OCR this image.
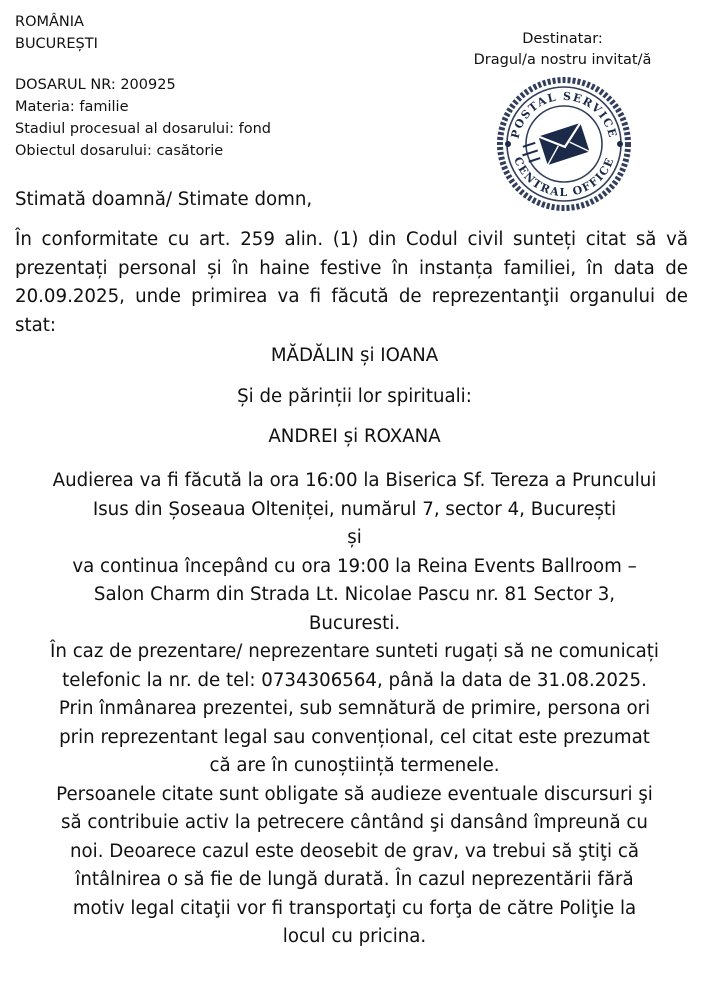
ROMÂNIA
BUCUREȘTI
DOSARUL NR: 200925
Materia: familie
Stadiul procesual al dosarului: fond
Obiectul dosarului: casătorie
Destinatar:
Dragul/a nostru invitat/ă
POSTAL SERVICE
CENTRAL OFFICE
Stimată doamnă/ Stimate domn,
În conformitate cu art. 259 alin. (1) din Codul civil sunteți citat să vă prezentați personal și în haine festive în instanța familiei, în data de 20.09.2025, unde primirea va fi făcută de reprezentanţii organului de stat:
MĂDĂLIN și IOANA
Și de părinții lor spirituali:
ANDREI și ROXANA
Audierea va fi făcută la ora 16:00 la Biserica Sf. Tereza a Pruncului
Isus din Șoseaua Olteniței, numărul 7, sector 4, București
și
va continua începând cu ora 19:00 la Reina Events Ballroom –
Salon Charm din Strada Lt. Nicolae Pascu nr. 81 Sector 3,
Bucuresti.
În caz de prezentare/ neprezentare sunteti rugați să ne comunicați
telefonic la nr. de tel: 0734306564, până la data de 31.08.2025.
Prin înmânarea prezentei, sub semnătură de primire, persona ori
prin reprezentant legal sau convențional, cel citat este prezumat
că are în cunoștiință termenele.
Persoanele citate sunt obligate să audieze eventuale discursuri şi
să contribuie activ la petrecere cântând şi dansând împreună cu
noi. Deoarece cazul este deosebit de grav, va trebui să ştiţi că
întâlnirea o să fie de lungă durată. În cazul neprezentării fără
motiv legal citaţii vor fi transportaţi cu forţa de către Poliţie la
locul cu pricina.
